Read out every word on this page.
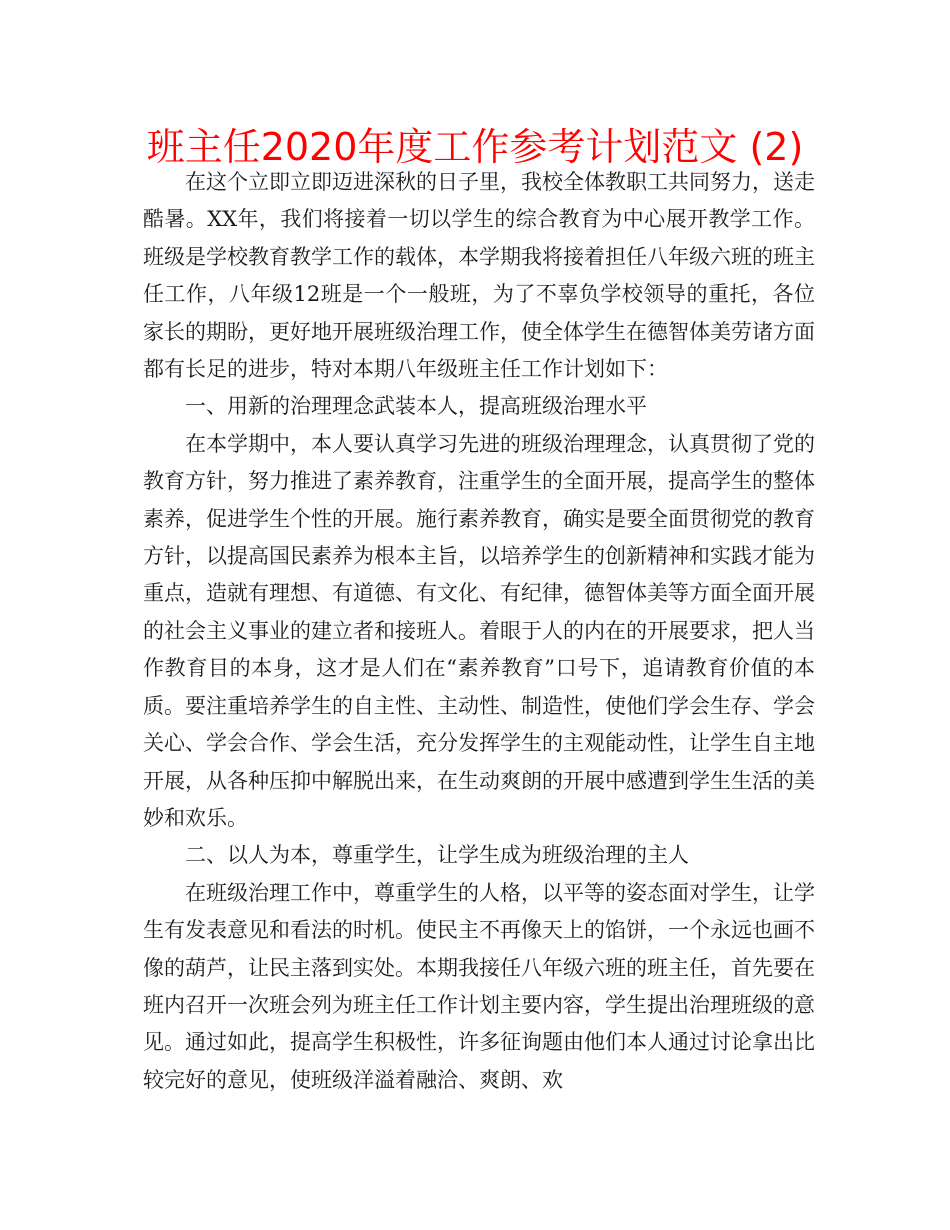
班主任2020年度工作参考计划范文 (2)

在这个立即立即迈进深秋的日子里，我校全体教职工共同努力，送走酷暑。XX年，我们将接着一切以学生的综合教育为中心展开教学工作。班级是学校教育教学工作的载体，本学期我将接着担任八年级六班的班主任工作，八年级12班是一个一般班，为了不辜负学校领导的重托，各位家长的期盼，更好地开展班级治理工作，使全体学生在德智体美劳诸方面都有长足的进步，特对本期八年级班主任工作计划如下：

一、用新的治理理念武装本人，提高班级治理水平

在本学期中，本人要认真学习先进的班级治理理念，认真贯彻了党的教育方针，努力推进了素养教育，注重学生的全面开展，提高学生的整体素养，促进学生个性的开展。施行素养教育，确实是要全面贯彻党的教育方针，以提高国民素养为根本主旨，以培养学生的创新精神和实践才能为重点，造就有理想、有道德、有文化、有纪律，德智体美等方面全面开展的社会主义事业的建立者和接班人。着眼于人的内在的开展要求，把人当作教育目的本身，这才是人们在“素养教育”口号下，追请教育价值的本质。要注重培养学生的自主性、主动性、制造性，使他们学会生存、学会关心、学会合作、学会生活，充分发挥学生的主观能动性，让学生自主地开展，从各种压抑中解脱出来，在生动爽朗的开展中感遭到学生生活的美妙和欢乐。

二、以人为本，尊重学生，让学生成为班级治理的主人

在班级治理工作中，尊重学生的人格，以平等的姿态面对学生，让学生有发表意见和看法的时机。使民主不再像天上的馅饼，一个永远也画不像的葫芦，让民主落到实处。本期我接任八年级六班的班主任，首先要在班内召开一次班会列为班主任工作计划主要内容，学生提出治理班级的意见。通过如此，提高学生积极性，许多征询题由他们本人通过讨论拿出比较完好的意见，使班级洋溢着融洽、爽朗、欢
